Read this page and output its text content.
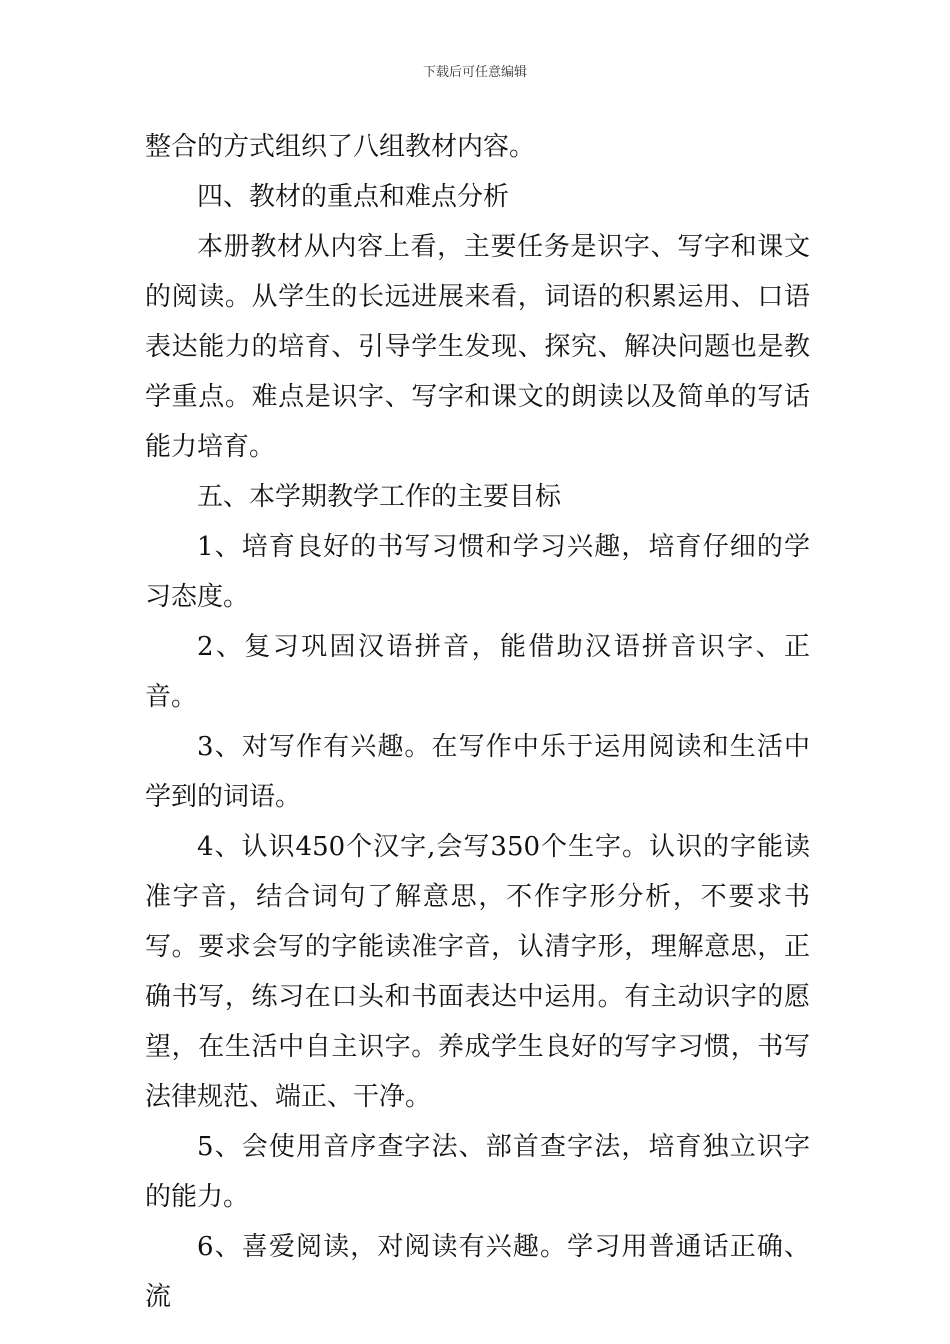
下载后可任意编辑

整合的方式组织了八组教材内容。

四、教材的重点和难点分析

本册教材从内容上看，主要任务是识字、写字和课文的阅读。从学生的长远进展来看，词语的积累运用、口语表达能力的培育、引导学生发现、探究、解决问题也是教学重点。难点是识字、写字和课文的朗读以及简单的写话能力培育。

五、本学期教学工作的主要目标

1、培育良好的书写习惯和学习兴趣，培育仔细的学习态度。

2、复习巩固汉语拼音，能借助汉语拼音识字、正音。

3、对写作有兴趣。在写作中乐于运用阅读和生活中学到的词语。

4、认识450个汉字,会写350个生字。认识的字能读准字音，结合词句了解意思，不作字形分析，不要求书写。要求会写的字能读准字音，认清字形，理解意思，正确书写，练习在口头和书面表达中运用。有主动识字的愿望，在生活中自主识字。养成学生良好的写字习惯，书写法律规范、端正、干净。

5、会使用音序查字法、部首查字法，培育独立识字的能力。

6、喜爱阅读，对阅读有兴趣。学习用普通话正确、流
